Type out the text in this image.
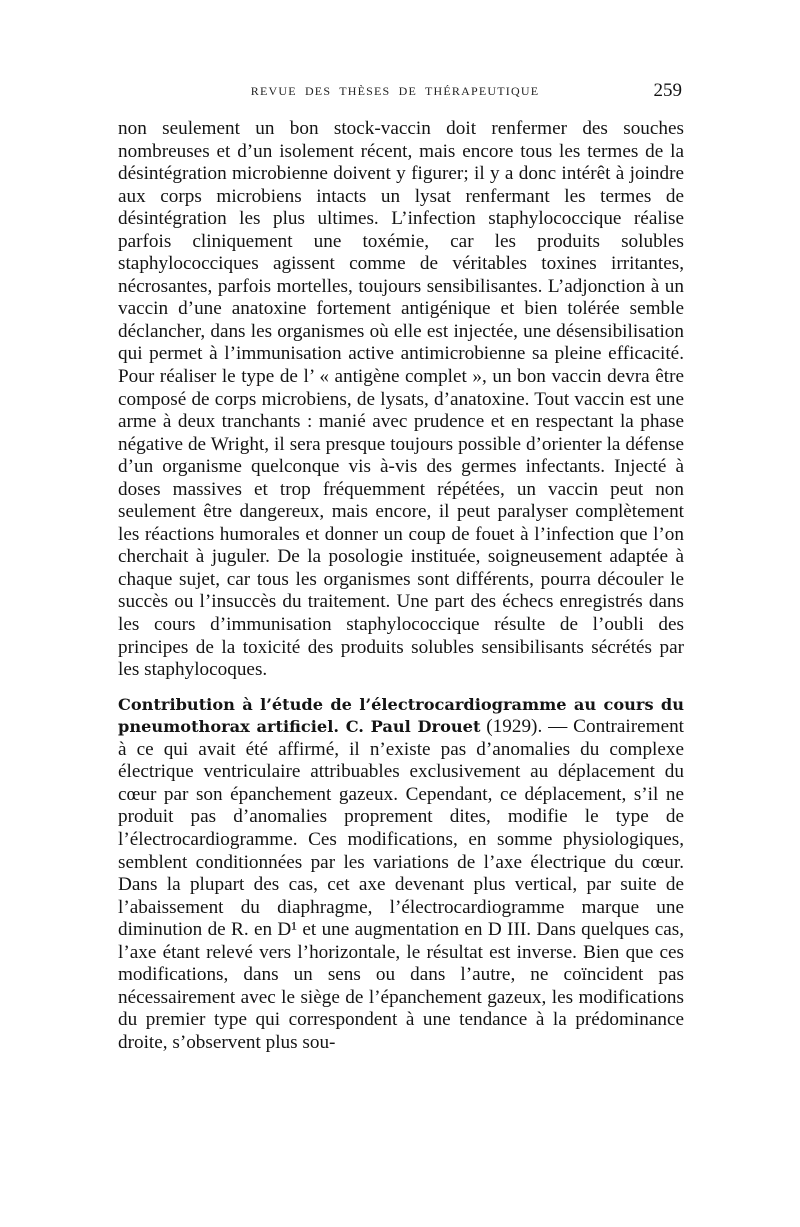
REVUE DES THÈSES DE THÉRAPEUTIQUE	259

non seulement un bon stock-vaccin doit renfermer des souches nombreuses et d’un isolement récent, mais encore tous les termes de la désintégration microbienne doivent y figurer; il y a donc intérêt à joindre aux corps microbiens intacts un lysat renfermant les termes de désintégration les plus ultimes. L’infection staphylococcique réalise parfois cliniquement une toxémie, car les produits solubles staphylococciques agissent comme de véritables toxines irritantes, nécrosantes, parfois mortelles, toujours sensibilisantes. L’adjonction à un vaccin d’une anatoxine fortement antigénique et bien tolérée semble déclancher, dans les organismes où elle est injectée, une désensibilisation qui permet à l’immunisation active antimicrobienne sa pleine efficacité. Pour réaliser le type de l’ « antigène complet », un bon vaccin devra être composé de corps microbiens, de lysats, d’anatoxine. Tout vaccin est une arme à deux tranchants : manié avec prudence et en respectant la phase négative de Wright, il sera presque toujours possible d’orienter la défense d’un organisme quelconque vis à-vis des germes infectants. Injecté à doses massives et trop fréquemment répétées, un vaccin peut non seulement être dangereux, mais encore, il peut paralyser complètement les réactions humorales et donner un coup de fouet à l’infection que l’on cherchait à juguler. De la posologie instituée, soigneusement adaptée à chaque sujet, car tous les organismes sont différents, pourra découler le succès ou l’insuccès du traitement. Une part des échecs enregistrés dans les cours d’immunisation staphylococcique résulte de l’oubli des principes de la toxicité des produits solubles sensibilisants sécrétés par les staphylocoques.

Contribution à l’étude de l’électrocardiogramme au cours du pneumothorax artificiel. C. Paul Drouet (1929). — Contrairement à ce qui avait été affirmé, il n’existe pas d’anomalies du complexe électrique ventriculaire attribuables exclusivement au déplacement du cœur par son épanchement gazeux. Cependant, ce déplacement, s’il ne produit pas d’anomalies proprement dites, modifie le type de l’électrocardiogramme. Ces modifications, en somme physiologiques, semblent conditionnées par les variations de l’axe électrique du cœur. Dans la plupart des cas, cet axe devenant plus vertical, par suite de l’abaissement du diaphragme, l’électrocardiogramme marque une diminution de R. en D¹ et une augmentation en D III. Dans quelques cas, l’axe étant relevé vers l’horizontale, le résultat est inverse. Bien que ces modifications, dans un sens ou dans l’autre, ne coïncident pas nécessairement avec le siège de l’épanchement gazeux, les modifications du premier type qui correspondent à une tendance à la prédominance droite, s’observent plus sou-
